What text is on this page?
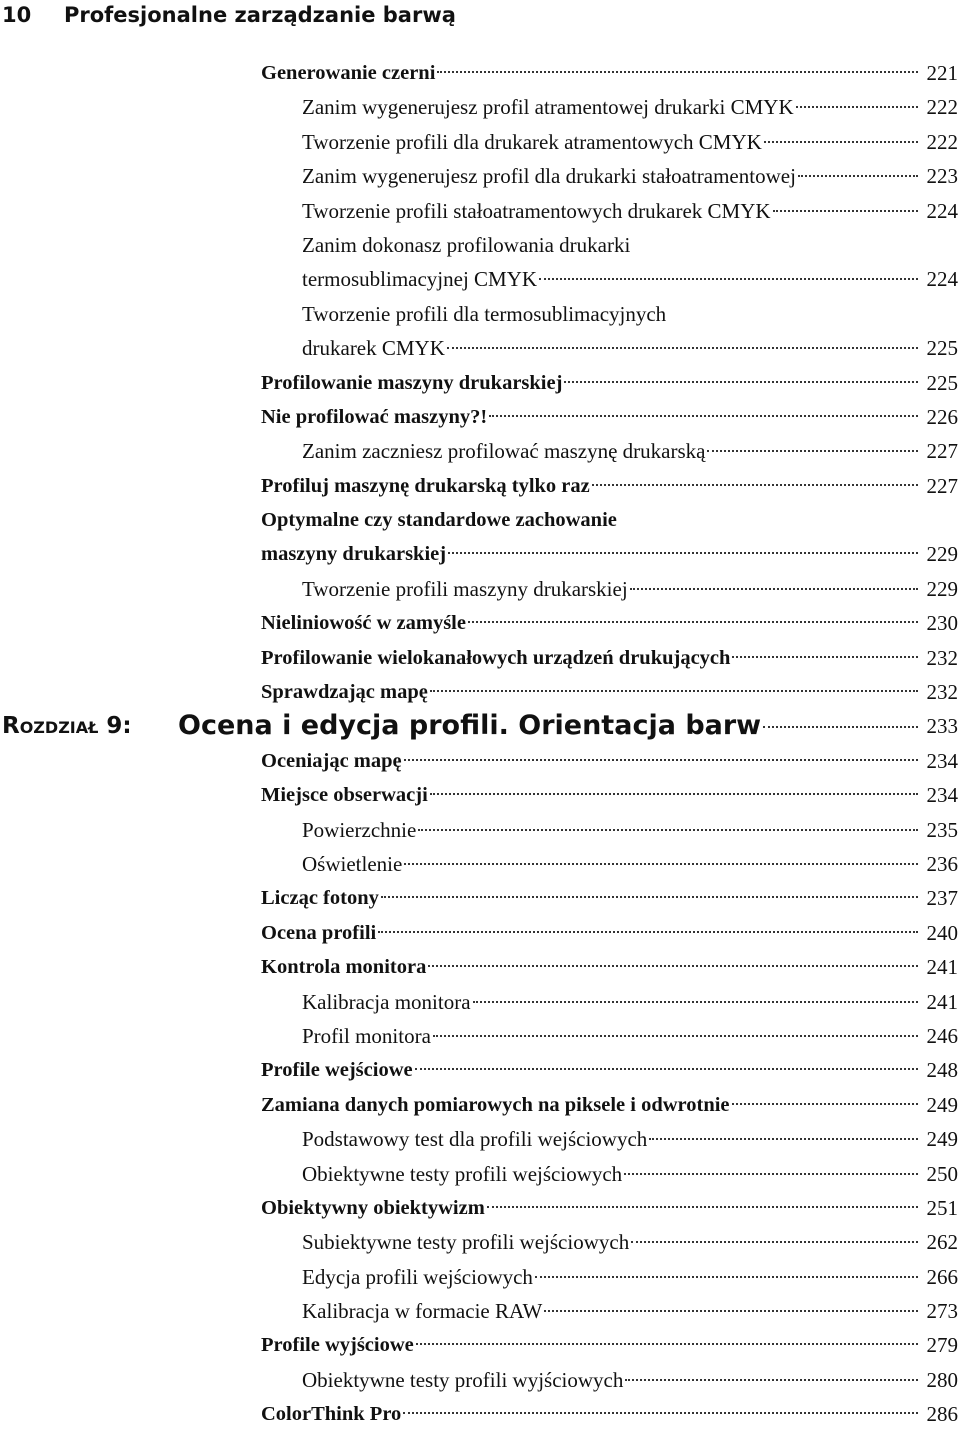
10 Profesjonalne zarządzanie barwą
Generowanie czerni	221
Zanim wygenerujesz profil atramentowej drukarki CMYK	222
Tworzenie profili dla drukarek atramentowych CMYK	222
Zanim wygenerujesz profil dla drukarki stałoatramentowej	223
Tworzenie profili stałoatramentowych drukarek CMYK	224
Zanim dokonasz profilowania drukarki
termosublimacyjnej CMYK	224
Tworzenie profili dla termosublimacyjnych
drukarek CMYK	225
Profilowanie maszyny drukarskiej	225
Nie profilować maszyny?!	226
Zanim zaczniesz profilować maszynę drukarską	227
Profiluj maszynę drukarską tylko raz	227
Optymalne czy standardowe zachowanie
maszyny drukarskiej	229
Tworzenie profili maszyny drukarskiej	229
Nieliniowość w zamyśle	230
Profilowanie wielokanałowych urządzeń drukujących	232
Sprawdzając mapę	232
Rozdział 9: Ocena i edycja profili. Orientacja barw	233
Oceniając mapę	234
Miejsce obserwacji	234
Powierzchnie	235
Oświetlenie	236
Licząc fotony	237
Ocena profili	240
Kontrola monitora	241
Kalibracja monitora	241
Profil monitora	246
Profile wejściowe	248
Zamiana danych pomiarowych na piksele i odwrotnie	249
Podstawowy test dla profili wejściowych	249
Obiektywne testy profili wejściowych	250
Obiektywny obiektywizm	251
Subiektywne testy profili wejściowych	262
Edycja profili wejściowych	266
Kalibracja w formacie RAW	273
Profile wyjściowe	279
Obiektywne testy profili wyjściowych	280
ColorThink Pro	286
